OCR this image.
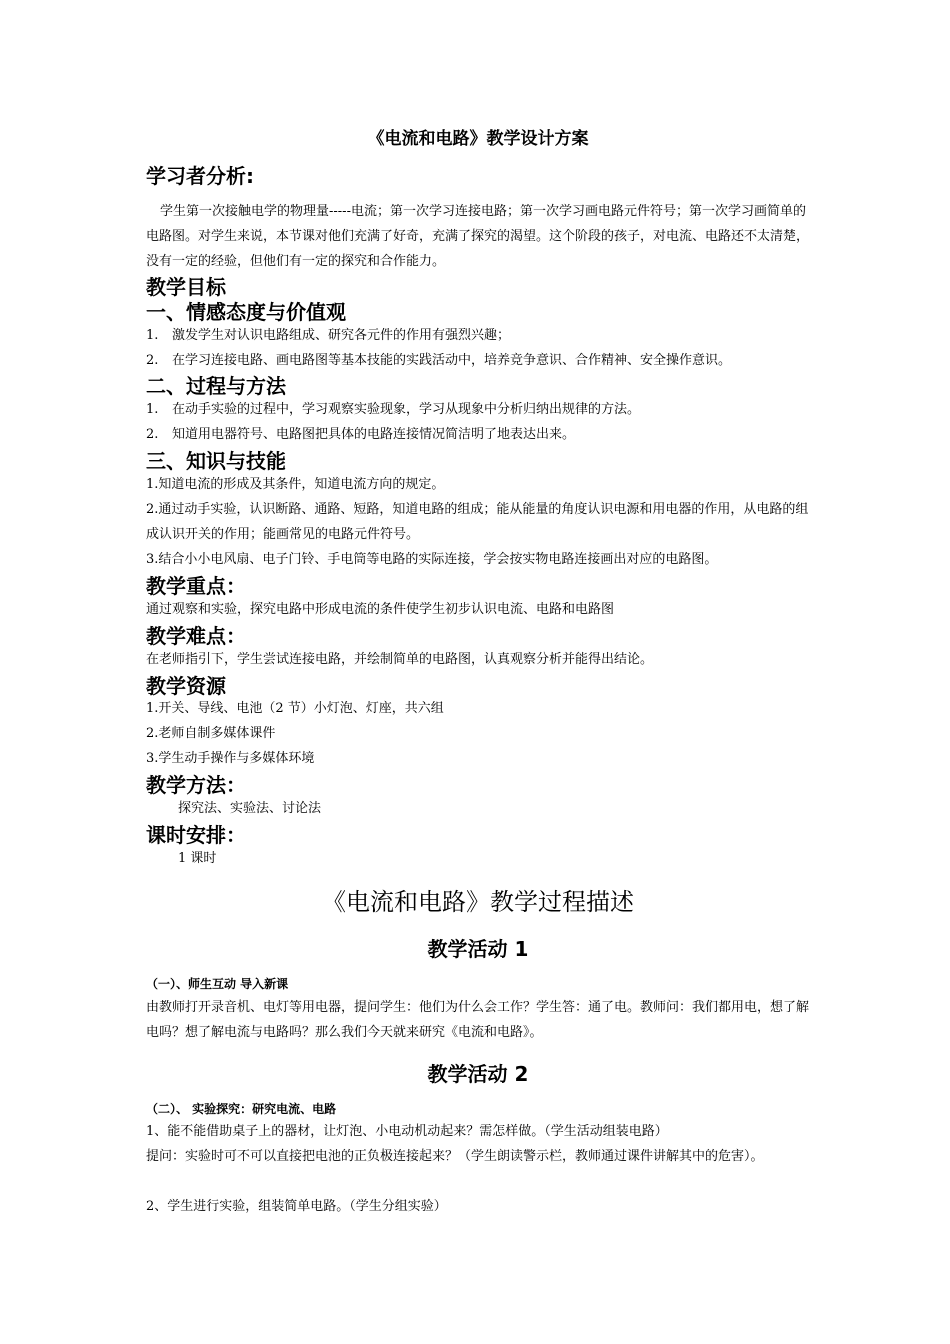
《电流和电路》教学设计方案
学习者分析:
学生第一次接触电学的物理量-----电流；第一次学习连接电路；第一次学习画电路元件符号；第一次学习画简单的电路图。对学生来说，本节课对他们充满了好奇，充满了探究的渴望。这个阶段的孩子，对电流、电路还不太清楚，没有一定的经验，但他们有一定的探究和合作能力。
教学目标
一、情感态度与价值观
1. 激发学生对认识电路组成、研究各元件的作用有强烈兴趣；
2. 在学习连接电路、画电路图等基本技能的实践活动中，培养竞争意识、合作精神、安全操作意识。
二、过程与方法
1. 在动手实验的过程中，学习观察实验现象，学习从现象中分析归纳出规律的方法。
2. 知道用电器符号、电路图把具体的电路连接情况简洁明了地表达出来。
三、知识与技能
1.知道电流的形成及其条件，知道电流方向的规定。
2.通过动手实验，认识断路、通路、短路，知道电路的组成；能从能量的角度认识电源和用电器的作用，从电路的组成认识开关的作用；能画常见的电路元件符号。
3.结合小小电风扇、电子门铃、手电筒等电路的实际连接，学会按实物电路连接画出对应的电路图。
教学重点：
通过观察和实验，探究电路中形成电流的条件使学生初步认识电流、电路和电路图
教学难点：
在老师指引下，学生尝试连接电路，并绘制简单的电路图，认真观察分析并能得出结论。
教学资源
1.开关、导线、电池（2 节）小灯泡、灯座，共六组
2.老师自制多媒体课件
3.学生动手操作与多媒体环境
教学方法：
探究法、实验法、讨论法
课时安排：
1 课时
《电流和电路》教学过程描述
教学活动 1
（一）、师生互动 导入新课
由教师打开录音机、电灯等用电器，提问学生：他们为什么会工作？学生答：通了电。教师问：我们都用电，想了解电吗？想了解电流与电路吗？那么我们今天就来研究《电流和电路》。
教学活动 2
（二）、 实验探究：研究电流、电路
1、能不能借助桌子上的器材，让灯泡、小电动机动起来？需怎样做。（学生活动组装电路）
提问：实验时可不可以直接把电池的正负极连接起来？（学生朗读警示栏，教师通过课件讲解其中的危害）。
2、学生进行实验，组装简单电路。（学生分组实验）
